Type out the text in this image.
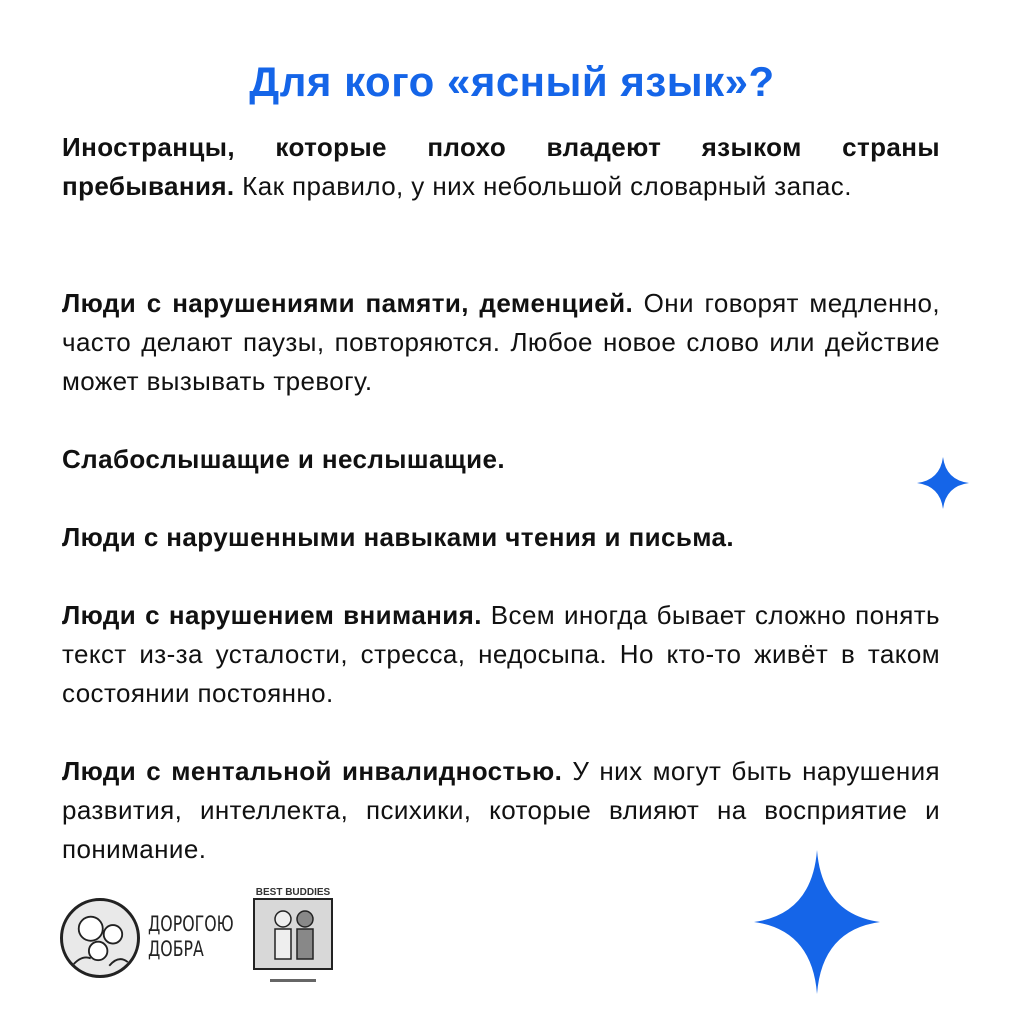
Для кого «ясный язык»?
Иностранцы, которые плохо владеют языком страны пребывания. Как правило, у них небольшой словарный запас.
Люди с нарушениями памяти, деменцией. Они говорят медленно, часто делают паузы, повторяются. Любое новое слово или действие может вызывать тревогу.
Слабослышащие и неслышащие.
Люди с нарушенными навыками чтения и письма.
Люди с нарушением внимания. Всем иногда бывает сложно понять текст из-за усталости, стресса, недосыпа. Но кто-то живёт в таком состоянии постоянно.
Люди с ментальной инвалидностью. У них могут быть нарушения развития, интеллекта, психики, которые влияют на восприятие и понимание.
ДОРОГОЮ
ДОБРА
BEST BUDDIES
